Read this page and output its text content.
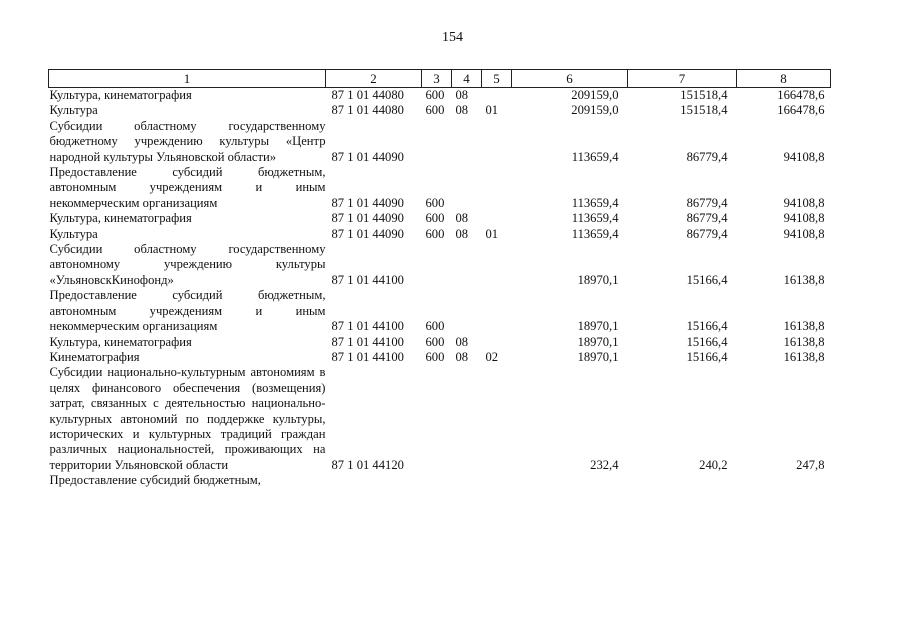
154
1	2	3	4	5	6	7	8
Культура, кинематография	87 1 01 44080	600	08		209159,0	151518,4	166478,6
Культура	87 1 01 44080	600	08	01	209159,0	151518,4	166478,6
Субсидии областному государственному бюджетному учреждению культуры «Центр народной культуры Ульяновской области»	87 1 01 44090				113659,4	86779,4	94108,8
Предоставление субсидий бюджетным, автономным учреждениям и иным некоммерческим организациям	87 1 01 44090	600			113659,4	86779,4	94108,8
Культура, кинематография	87 1 01 44090	600	08		113659,4	86779,4	94108,8
Культура	87 1 01 44090	600	08	01	113659,4	86779,4	94108,8
Субсидии областному государственному автономному учреждению культуры «УльяновскКинофонд»	87 1 01 44100				18970,1	15166,4	16138,8
Предоставление субсидий бюджетным, автономным учреждениям и иным некоммерческим организациям	87 1 01 44100	600			18970,1	15166,4	16138,8
Культура, кинематография	87 1 01 44100	600	08		18970,1	15166,4	16138,8
Кинематография	87 1 01 44100	600	08	02	18970,1	15166,4	16138,8
Субсидии национально-культурным автономиям в целях финансового обеспечения (возмещения) затрат, связанных с деятельностью национально-культурных автономий по поддержке культуры, исторических и культурных традиций граждан различных национальностей, проживающих на территории Ульяновской области	87 1 01 44120				232,4	240,2	247,8
Предоставление субсидий бюджетным,							
